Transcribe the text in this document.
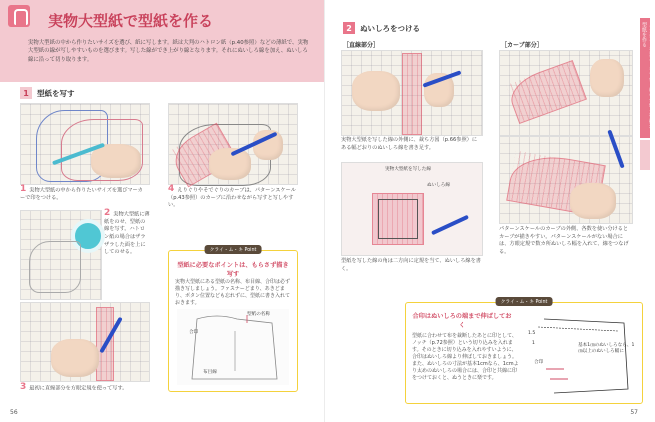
実物大型紙で型紙を作る
実物大型紙の中から作りたいサイズを選び、紙に写します。紙は大判のハトロン紙（p.40参照）などの薄紙で、実物大型紙の線が写しやすいものを選びます。写した線ができ上がり線となります。それにぬいしろ線を加え、ぬいしろ線に沿って切り取ります。
1	型紙を写す
1 実物大型紙の中から作りたいサイズを選びマーカーで印をつける。
4 えりぐりやそでぐりのカーブは、パターンスケール（p.43参照）のカーブに沿わせながら写すと写しやすい。
2 実物大型紙に薄紙をのせ、型紙の線を写す。ハトロン紙の場合はザラザラした面を上にしてのせる。
3 最初に直線部分を方眼定規を使って写す。
クライ・ム・キ Point
型紙に必要なポイントは、もらさず描き写す
実物大型紙にある型紙の名称、布目線、合印は必ず描き写しましょう。ファスナーどまり、あきどまり、ボタン位置なども忘れずに、型紙に書き入れておきます。
型紙の名称
合印
布目線
56
2	ぬいしろをつける
［直線部分］	［カーブ部分］
実物大型紙を写した線の外側に、裁ち方図（p.66参照）にある幅どおりのぬいしろ線を書き足す。
実物大型紙を写した線
ぬいしろ線
型紙を写した線の角は二方向に定規を当て、ぬいしろ線を書く。
パターンスケールのカーブの外側、各数を使い分けるとカーブが描きやすい。パターンスケールがない場合には、方眼定規で数カ所ぬいしろ幅を入れて、線をつなげる。
クライ・ム・キ Point
合印はぬいしろの端まで伸ばしておく
型紙に合わせて布を裁断したあとに印として、ノッチ（p.72参照）という切り込みを入れます。そのときに切り込みを入れやすいように、合印はぬいしろ線より伸ばしておきましょう。また、ぬいしろの寸法が基本1cmなら、1cmより太めのぬいしろの場合には、合印と共線に印をつけておくと、ぬうときに楽です。
1.5
1
合印
基本1㎝のぬいしろなら、1㎝以上のぬいしろ幅に
3章 基本、布選び・手で作る前に 実物大型紙から型紙を作る
57
